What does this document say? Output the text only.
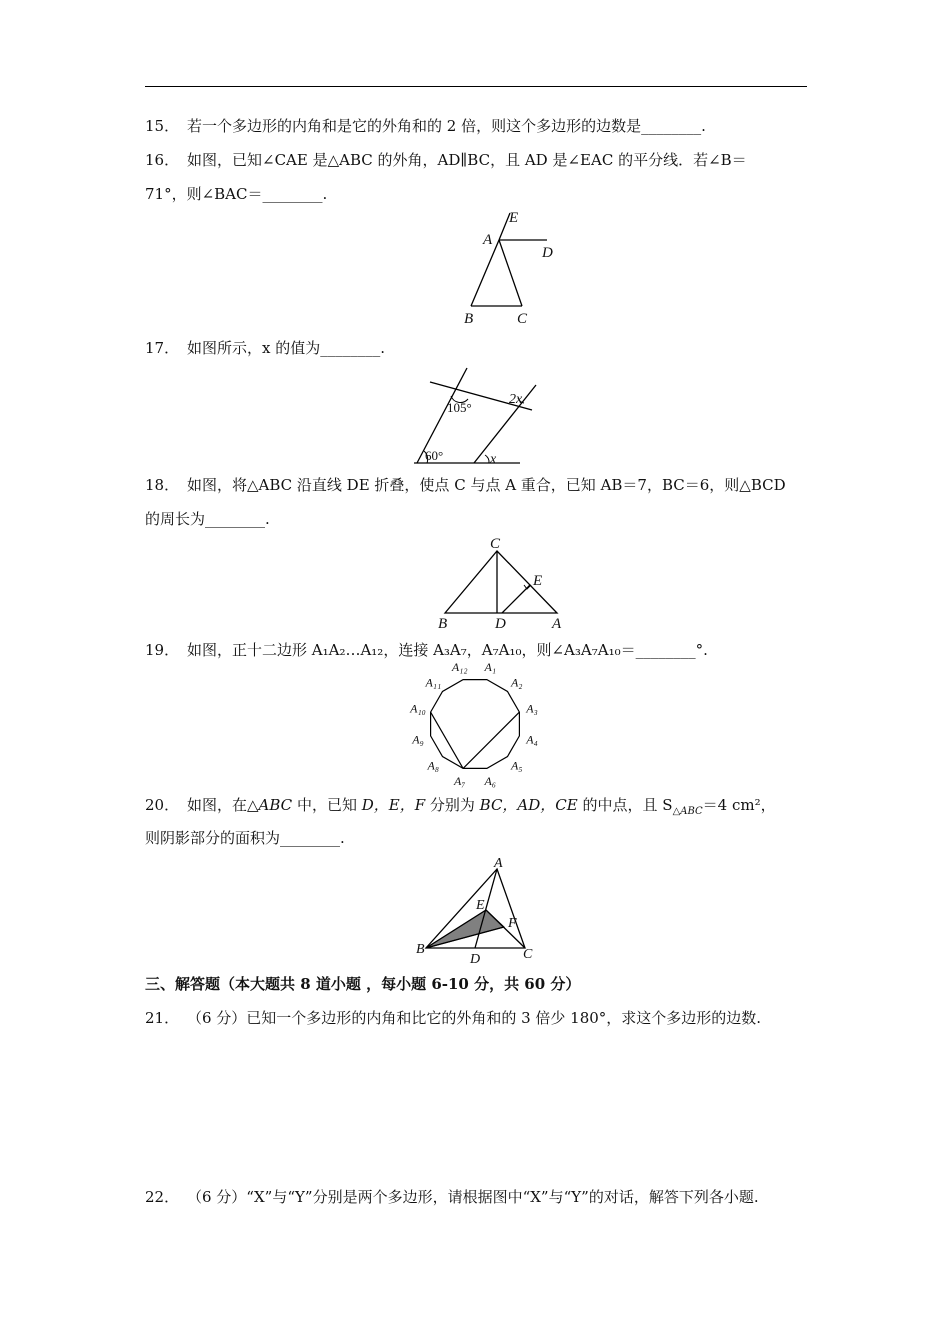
15． 若一个多边形的内角和是它的外角和的 2 倍，则这个多边形的边数是________.
16． 如图，已知∠CAE 是△ABC 的外角，AD∥BC，且 AD 是∠EAC 的平分线．若∠B＝
71°，则∠BAC＝________.
E
A
D
B	C
17． 如图所示，x 的值为________.
105°
2x
60°	x
18． 如图，将△ABC 沿直线 DE 折叠，使点 C 与点 A 重合，已知 AB＝7，BC＝6，则△BCD
的周长为________.
C
E
B	D	A
19． 如图，正十二边形 A₁A₂…A₁₂，连接 A₃A₇，A₇A₁₀，则∠A₃A₇A₁₀＝________°.
A₁
A₂
A₃
A₄
A₅
A₆
A₇
A₈
A₉
A₁₀
A₁₁
A₁₂
20． 如图，在△ABC 中，已知 D，E，F 分别为 BC，AD，CE 的中点，且 $S_{\triangle ABC}=4$ cm²，
则阴影部分的面积为________.
A
E
F
B
D	C
三、解答题（本大题共 8 道小题 ，每小题 6-10 分，共 60 分）
21． （6 分）已知一个多边形的内角和比它的外角和的 3 倍少 180°，求这个多边形的边数.
22． （6 分）“X”与“Y”分别是两个多边形，请根据图中“X”与“Y”的对话，解答下列各小题.
